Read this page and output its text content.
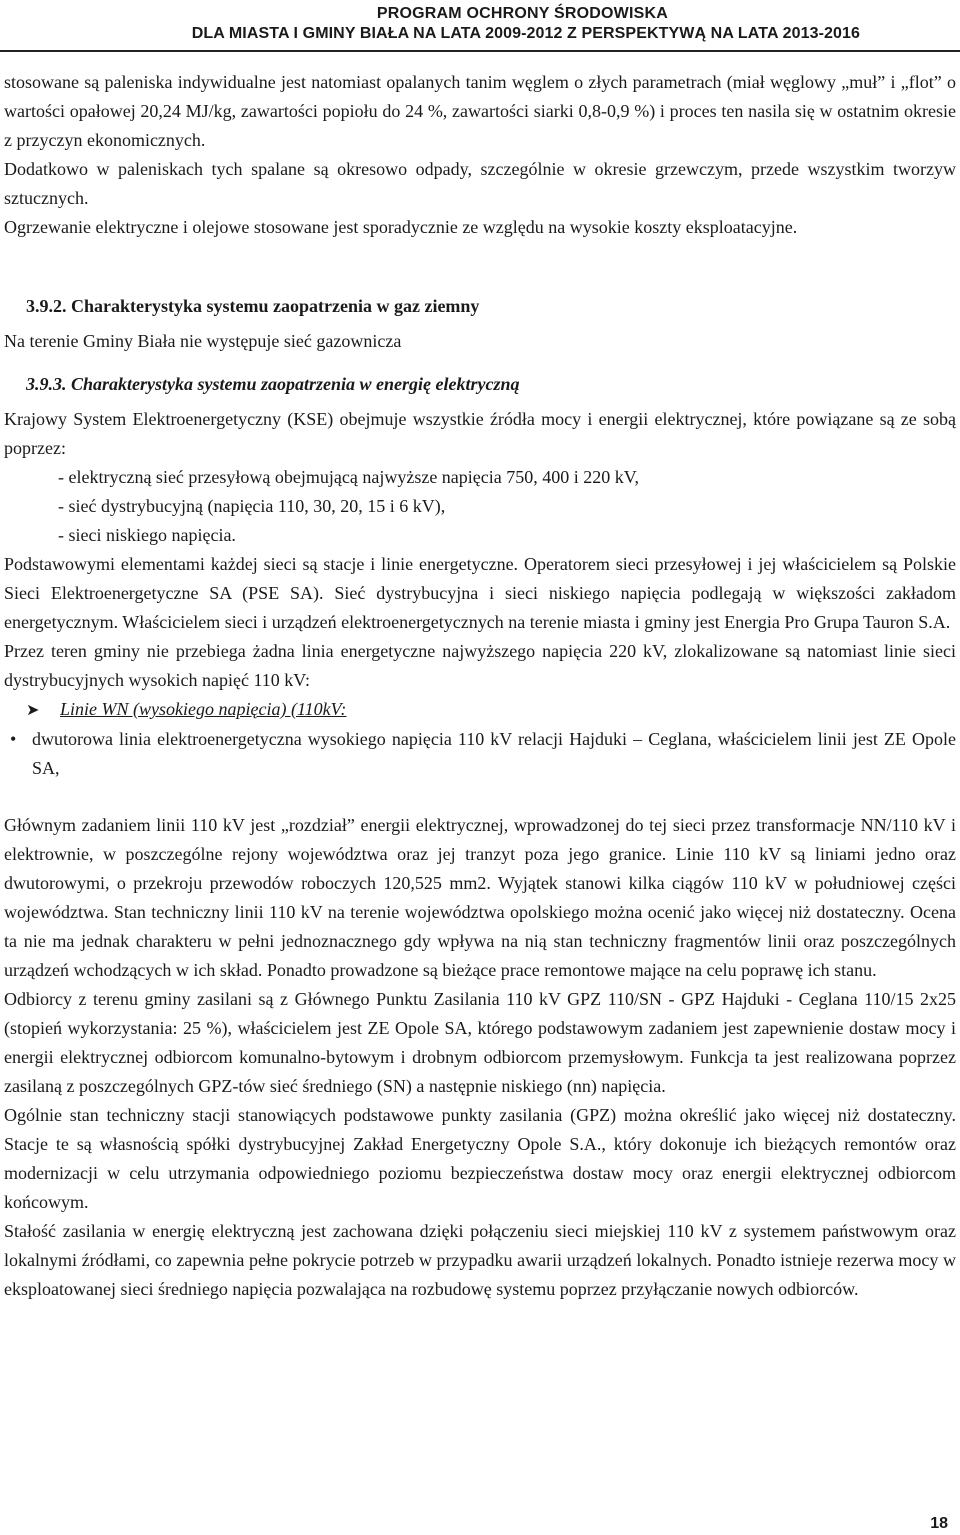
PROGRAM OCHRONY ŚRODOWISKA
DLA MIASTA I GMINY BIAŁA NA LATA 2009-2012 Z PERSPEKTYWĄ NA LATA 2013-2016

stosowane są paleniska indywidualne jest natomiast opalanych tanim węglem o złych parametrach (miał węglowy „muł” i „flot” o wartości opałowej 20,24 MJ/kg, zawartości popiołu do 24 %, zawartości siarki 0,8-0,9 %) i proces ten nasila się w ostatnim okresie z przyczyn ekonomicznych.

Dodatkowo w paleniskach tych spalane są okresowo odpady, szczególnie w okresie grzewczym, przede wszystkim tworzyw sztucznych.

Ogrzewanie elektryczne i olejowe stosowane jest sporadycznie ze względu na wysokie koszty eksploatacyjne.

3.9.2. Charakterystyka systemu zaopatrzenia w gaz ziemny

Na terenie Gminy Biała nie występuje sieć gazownicza

3.9.3. Charakterystyka systemu zaopatrzenia w energię elektryczną

Krajowy System Elektroenergetyczny (KSE) obejmuje wszystkie źródła mocy i energii elektrycznej, które powiązane są ze sobą poprzez:

- elektryczną sieć przesyłową obejmującą najwyższe napięcia 750, 400 i 220 kV,
- sieć dystrybucyjną (napięcia 110, 30, 20, 15 i 6 kV),
- sieci niskiego napięcia.

Podstawowymi elementami każdej sieci są stacje i linie energetyczne. Operatorem sieci przesyłowej i jej właścicielem są Polskie Sieci Elektroenergetyczne SA (PSE SA). Sieć dystrybucyjna i sieci niskiego napięcia podlegają w większości zakładom energetycznym. Właścicielem sieci i urządzeń elektroenergetycznych na terenie miasta i gminy jest Energia Pro Grupa Tauron S.A.

Przez teren gminy nie przebiega żadna linia energetyczne najwyższego napięcia 220 kV, zlokalizowane są natomiast linie sieci dystrybucyjnych wysokich napięć 110 kV:

➤ Linie WN (wysokiego napięcia) (110kV:

• dwutorowa linia elektroenergetyczna wysokiego napięcia 110 kV relacji Hajduki – Ceglana, właścicielem linii jest ZE Opole SA,

Głównym zadaniem linii 110 kV jest „rozdział” energii elektrycznej, wprowadzonej do tej sieci przez transformacje NN/110 kV i elektrownie, w poszczególne rejony województwa oraz jej tranzyt poza jego granice. Linie 110 kV są liniami jedno oraz dwutorowymi, o przekroju przewodów roboczych 120,525 mm2. Wyjątek stanowi kilka ciągów 110 kV w południowej części województwa. Stan techniczny linii 110 kV na terenie województwa opolskiego można ocenić jako więcej niż dostateczny. Ocena ta nie ma jednak charakteru w pełni jednoznacznego gdy wpływa na nią stan techniczny fragmentów linii oraz poszczególnych urządzeń wchodzących w ich skład. Ponadto prowadzone są bieżące prace remontowe mające na celu poprawę ich stanu.

Odbiorcy z terenu gminy zasilani są z Głównego Punktu Zasilania 110 kV GPZ 110/SN - GPZ Hajduki - Ceglana 110/15 2x25 (stopień wykorzystania: 25 %), właścicielem jest ZE Opole SA, którego podstawowym zadaniem jest zapewnienie dostaw mocy i energii elektrycznej odbiorcom komunalno-bytowym i drobnym odbiorcom przemysłowym. Funkcja ta jest realizowana poprzez zasilaną z poszczególnych GPZ-tów sieć średniego (SN) a następnie niskiego (nn) napięcia.

Ogólnie stan techniczny stacji stanowiących podstawowe punkty zasilania (GPZ) można określić jako więcej niż dostateczny. Stacje te są własnością spółki dystrybucyjnej Zakład Energetyczny Opole S.A., który dokonuje ich bieżących remontów oraz modernizacji w celu utrzymania odpowiedniego poziomu bezpieczeństwa dostaw mocy oraz energii elektrycznej odbiorcom końcowym.

Stałość zasilania w energię elektryczną jest zachowana dzięki połączeniu sieci miejskiej 110 kV z systemem państwowym oraz lokalnymi źródłami, co zapewnia pełne pokrycie potrzeb w przypadku awarii urządzeń lokalnych. Ponadto istnieje rezerwa mocy w eksploatowanej sieci średniego napięcia pozwalająca na rozbudowę systemu poprzez przyłączanie nowych odbiorców.

18
